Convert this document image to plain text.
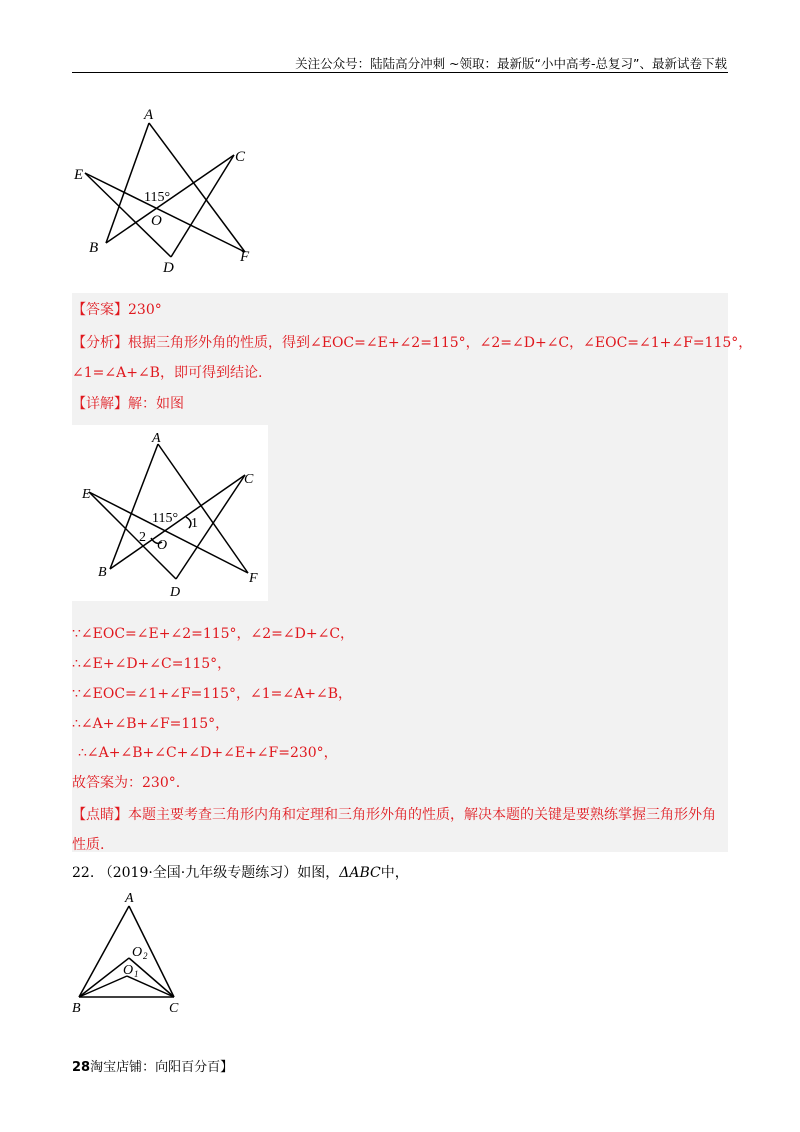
关注公众号：陆陆高分冲刺 ~领取：最新版“小中高考-总复习”、最新试卷下载
A
B
C
D
E
F
O
115°
【答案】230°
【分析】根据三角形外角的性质，得到∠EOC=∠E+∠2=115°，∠2=∠D+∠C，∠EOC=∠1+∠F=115°，
∠1=∠A+∠B，即可得到结论.
【详解】解：如图
A
B
C
D
E
F
O
115° 1
2
∵∠EOC=∠E+∠2=115°，∠2=∠D+∠C，
∴∠E+∠D+∠C=115°，
∵∠EOC=∠1+∠F=115°，∠1=∠A+∠B，
∴∠A+∠B+∠F=115°，
∴∠A+∠B+∠C+∠D+∠E+∠F=230°，
故答案为：230°.
【点睛】本题主要考查三角形内角和定理和三角形外角的性质，解决本题的关键是要熟练掌握三角形外角
性质.
22. （2019·全国·九年级专题练习）如图，ΔABC中，
A
B	C
O
O
2
1
28淘宝店铺：向阳百分百】
